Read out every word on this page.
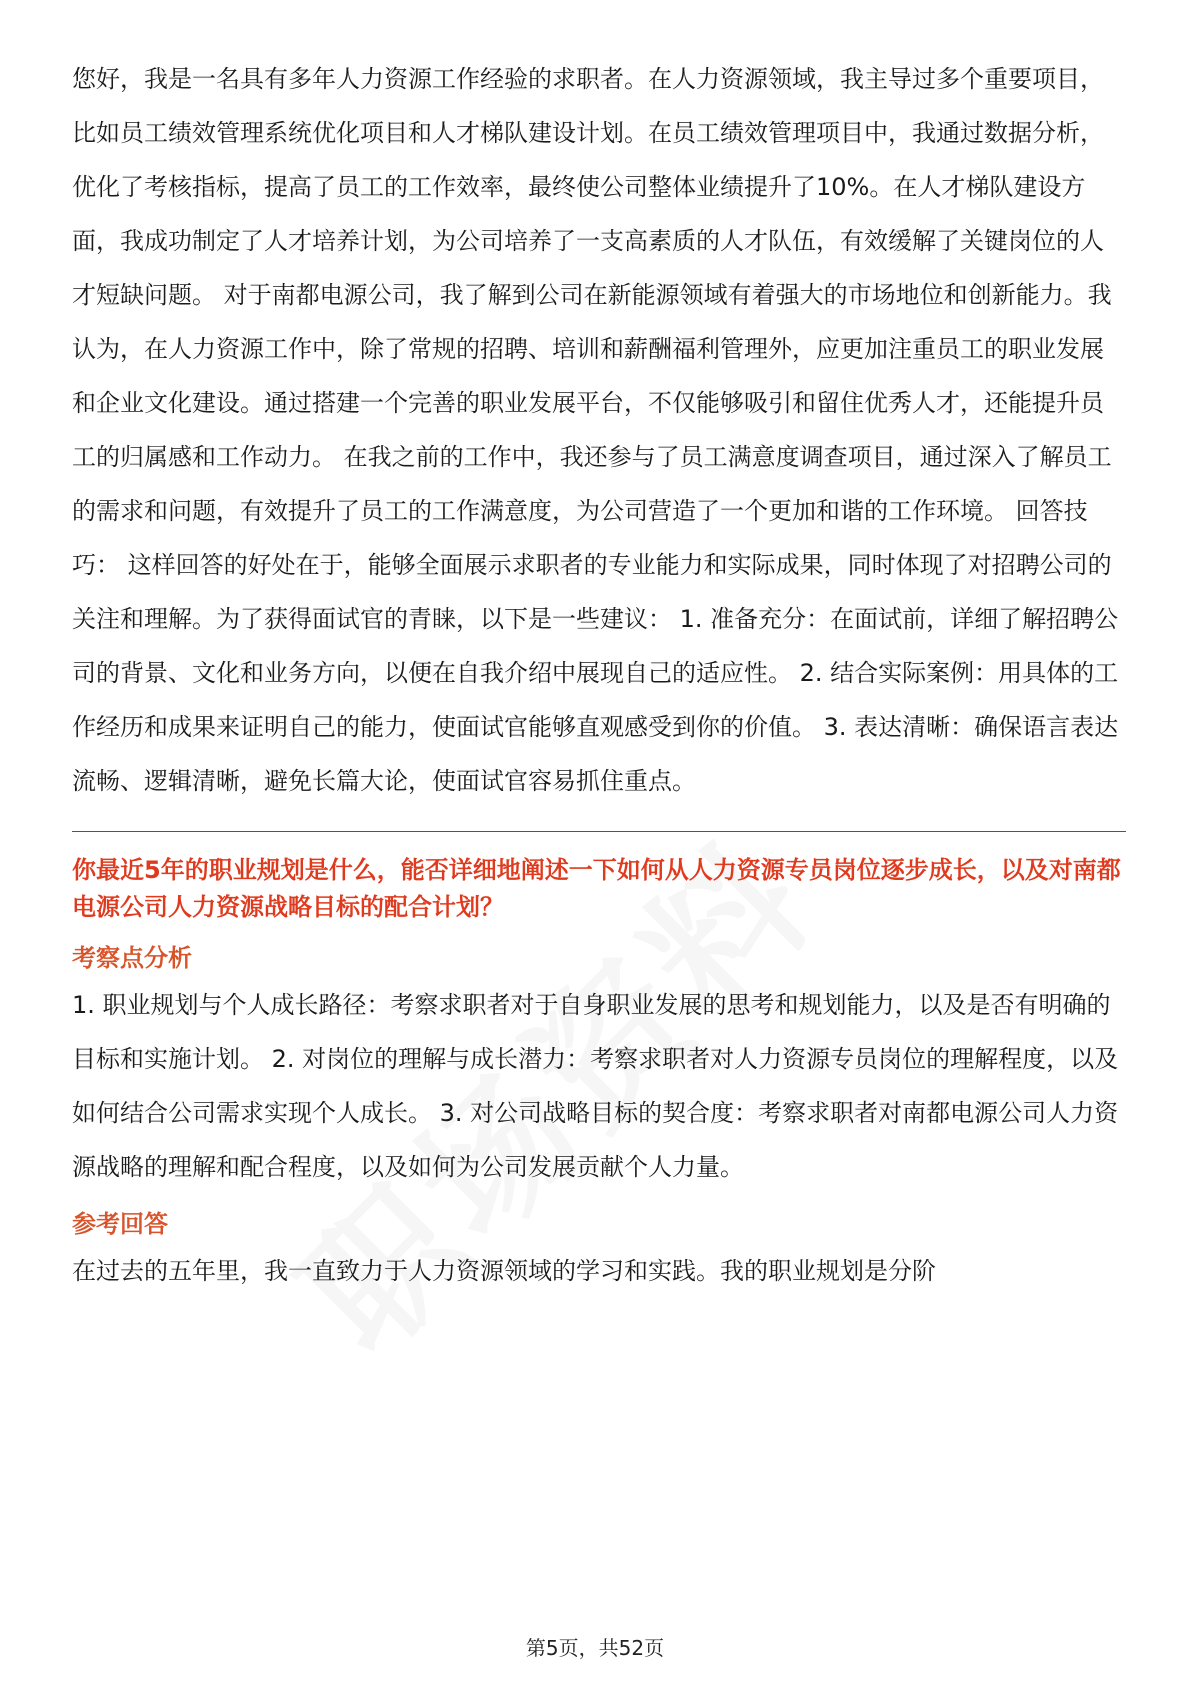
您好，我是一名具有多年人力资源工作经验的求职者。在人力资源领域，我主导过多个重要项目，比如员工绩效管理系统优化项目和人才梯队建设计划。在员工绩效管理项目中，我通过数据分析，优化了考核指标，提高了员工的工作效率，最终使公司整体业绩提升了10%。在人才梯队建设方面，我成功制定了人才培养计划，为公司培养了一支高素质的人才队伍，有效缓解了关键岗位的人才短缺问题。 对于南都电源公司，我了解到公司在新能源领域有着强大的市场地位和创新能力。我认为，在人力资源工作中，除了常规的招聘、培训和薪酬福利管理外，应更加注重员工的职业发展和企业文化建设。通过搭建一个完善的职业发展平台，不仅能够吸引和留住优秀人才，还能提升员工的归属感和工作动力。 在我之前的工作中，我还参与了员工满意度调查项目，通过深入了解员工的需求和问题，有效提升了员工的工作满意度，为公司营造了一个更加和谐的工作环境。 回答技巧： 这样回答的好处在于，能够全面展示求职者的专业能力和实际成果，同时体现了对招聘公司的关注和理解。为了获得面试官的青睐，以下是一些建议： 1. 准备充分：在面试前，详细了解招聘公司的背景、文化和业务方向，以便在自我介绍中展现自己的适应性。 2. 结合实际案例：用具体的工作经历和成果来证明自己的能力，使面试官能够直观感受到你的价值。 3. 表达清晰：确保语言表达流畅、逻辑清晰，避免长篇大论，使面试官容易抓住重点。

你最近5年的职业规划是什么，能否详细地阐述一下如何从人力资源专员岗位逐步成长，以及对南都电源公司人力资源战略目标的配合计划？

考察点分析

1. 职业规划与个人成长路径：考察求职者对于自身职业发展的思考和规划能力，以及是否有明确的目标和实施计划。 2. 对岗位的理解与成长潜力：考察求职者对人力资源专员岗位的理解程度，以及如何结合公司需求实现个人成长。 3. 对公司战略目标的契合度：考察求职者对南都电源公司人力资源战略的理解和配合程度，以及如何为公司发展贡献个人力量。

参考回答

在过去的五年里，我一直致力于人力资源领域的学习和实践。我的职业规划是分阶

第5页，共52页
